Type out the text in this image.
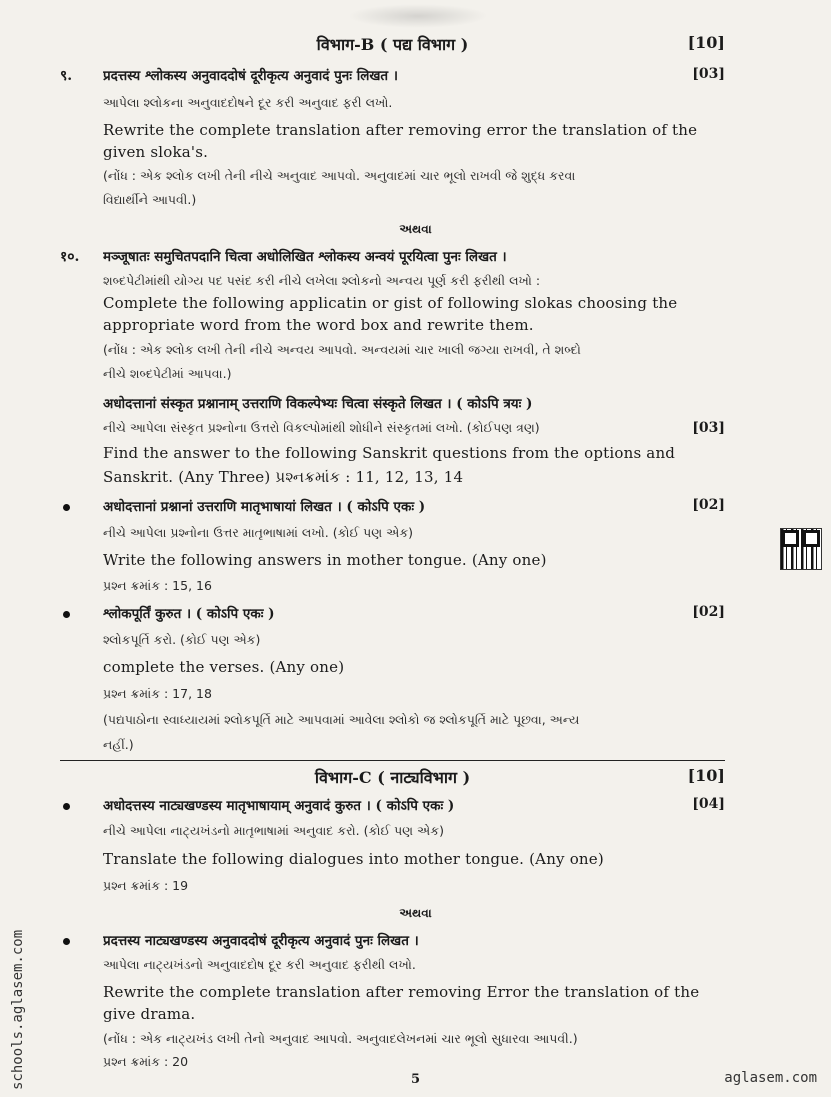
विभाग-B ( पद्य विभाग )	[10]
९. प्रदत्तस्य श्लोकस्य अनुवाददोषं दूरीकृत्य अनुवादं पुनः लिखत ।	[03]
આપેલા શ્લોકના અનુવાદદોષને દૂર કરી અનુવાદ ફરી લખો.
Rewrite the complete translation after removing error the translation of the
given sloka's.
(નોંધ : એક શ્લોક લખી તેની નીચે અનુવાદ આપવો. અનુવાદમાં ચાર ભૂલો રાખવી જે શુદ્ધ કરવા
વિદ્યાર્થીને આપવી.)
અથવા
१०. मञ्जूषातः समुचितपदानि चित्वा अधोलिखित श्लोकस्य अन्वयं पूरयित्वा पुनः लिखत ।
શબ્દપેટીમાંથી યોગ્ય પદ પસંદ કરી નીચે લખેલા શ્લોકનો અન્વય પૂર્ણ કરી ફરીથી લખો :
Complete the following applicatin or gist of following slokas choosing the
appropriate word from the word box and rewrite them.
(નોંધ : એક શ્લોક લખી તેની નીચે અન્વય આપવો. અન્વયમાં ચાર ખાલી જગ્યા રાખવી, તે શબ્દો
નીચે શબ્દપેટીમાં આપવા.)
अधोदत्तानां संस्कृत प्रश्नानाम् उत्तराणि विकल्पेभ्यः चित्वा संस्कृते लिखत । ( कोऽपि त्रयः )
નીચે આપેલા સંસ્કૃત પ્રશ્નોના ઉત્તરો વિકલ્પોમાંથી શોધીને સંસ્કૃતમાં લખો. (કોઈપણ ત્રણ)	[03]
Find the answer to the following Sanskrit questions from the options and
Sanskrit. (Any Three) પ્રશ્નક્રમાંક : 11, 12, 13, 14
अधोदत्तानां प्रश्नानां उत्तराणि मातृभाषायां लिखत । ( कोऽपि एकः )	[02]
નીચે આપેલા પ્રશ્નોના ઉત્તર માતૃભાષામાં લખો. (કોઈ પણ એક)
Write the following answers in mother tongue. (Any one)
પ્રશ્ન ક્રમાંક : 15, 16
श्लोकपूर्तिं कुरुत । ( कोऽपि एकः )	[02]
શ્લોકપૂર્તિ કરો. (કોઈ પણ એક)
complete the verses. (Any one)
પ્રશ્ન ક્રમાંક : 17, 18
(પદ્યપાઠોના સ્વાધ્યાયમાં શ્લોકપૂર્તિ માટે આપવામાં આવેલા શ્લોકો જ શ્લોકપૂર્તિ માટે પૂછવા, અન્ય
નહીં.)
विभाग-C ( नाट्यविभाग )	[10]
अधोदत्तस्य नाट्यखण्डस्य मातृभाषायाम् अनुवादं कुरुत । ( कोऽपि एकः )	[04]
નીચે આપેલા નાટ્યખંડનો માતૃભાષામાં અનુવાદ કરો. (કોઈ પણ એક)
Translate the following dialogues into mother tongue. (Any one)
પ્રશ્ન ક્રમાંક : 19
અથવા
प्रदत्तस्य नाट्यखण्डस्य अनुवाददोषं दूरीकृत्य अनुवादं पुनः लिखत ।
આપેલા નાટ્યખંડનો અનુવાદદોષ દૂર કરી અનુવાદ ફરીથી લખો.
Rewrite the complete translation after removing Error the translation of the
give drama.
(નોંધ : એક નાટ્યખંડ લખી તેનો અનુવાદ આપવો. અનુવાદલેખનમાં ચાર ભૂલો સુધારવા આપવી.)
પ્રશ્ન ક્રમાંક : 20
5
schools.aglasem.com	aglasem.com
